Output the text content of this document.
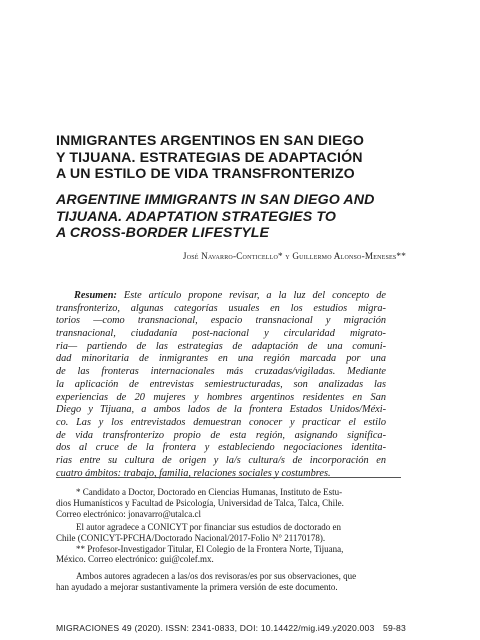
INMIGRANTES ARGENTINOS EN SAN DIEGO
Y TIJUANA. ESTRATEGIAS DE ADAPTACIÓN
A UN ESTILO DE VIDA TRANSFRONTERIZO
ARGENTINE IMMIGRANTS IN SAN DIEGO AND
TIJUANA. ADAPTATION STRATEGIES TO
A CROSS-BORDER LIFESTYLE
José Navarro-Conticello* y Guillermo Alonso-Meneses**
Resumen: Este artículo propone revisar, a la luz del concepto de
transfronterizo, algunas categorías usuales en los estudios migra-
torios —como transnacional, espacio transnacional y migración
transnacional, ciudadanía post-nacional y circularidad migrato-
ria— partiendo de las estrategias de adaptación de una comuni-
dad minoritaria de inmigrantes en una región marcada por una
de las fronteras internacionales más cruzadas/vigiladas. Mediante
la aplicación de entrevistas semiestructuradas, son analizadas las
experiencias de 20 mujeres y hombres argentinos residentes en San
Diego y Tijuana, a ambos lados de la frontera Estados Unidos/Méxi-
co. Las y los entrevistados demuestran conocer y practicar el estilo
de vida transfronterizo propio de esta región, asignando significa-
dos al cruce de la frontera y estableciendo negociaciones identita-
rias entre su cultura de origen y la/s cultura/s de incorporación en
cuatro ámbitos: trabajo, familia, relaciones sociales y costumbres.
* Candidato a Doctor, Doctorado en Ciencias Humanas, Instituto de Estu-
dios Humanísticos y Facultad de Psicología, Universidad de Talca, Talca, Chile.
Correo electrónico: jonavarro@utalca.cl
El autor agradece a CONICYT por financiar sus estudios de doctorado en
Chile (CONICYT-PFCHA/Doctorado Nacional/2017-Folio N° 21170178).
** Profesor-Investigador Titular, El Colegio de la Frontera Norte, Tijuana,
México. Correo electrónico: gui@colef.mx.
Ambos autores agradecen a las/os dos revisoras/es por sus observaciones, que
han ayudado a mejorar sustantivamente la primera versión de este documento.
MIGRACIONES 49 (2020). ISSN: 2341-0833, DOI: 10.14422/mig.i49.y2020.003 59-83
